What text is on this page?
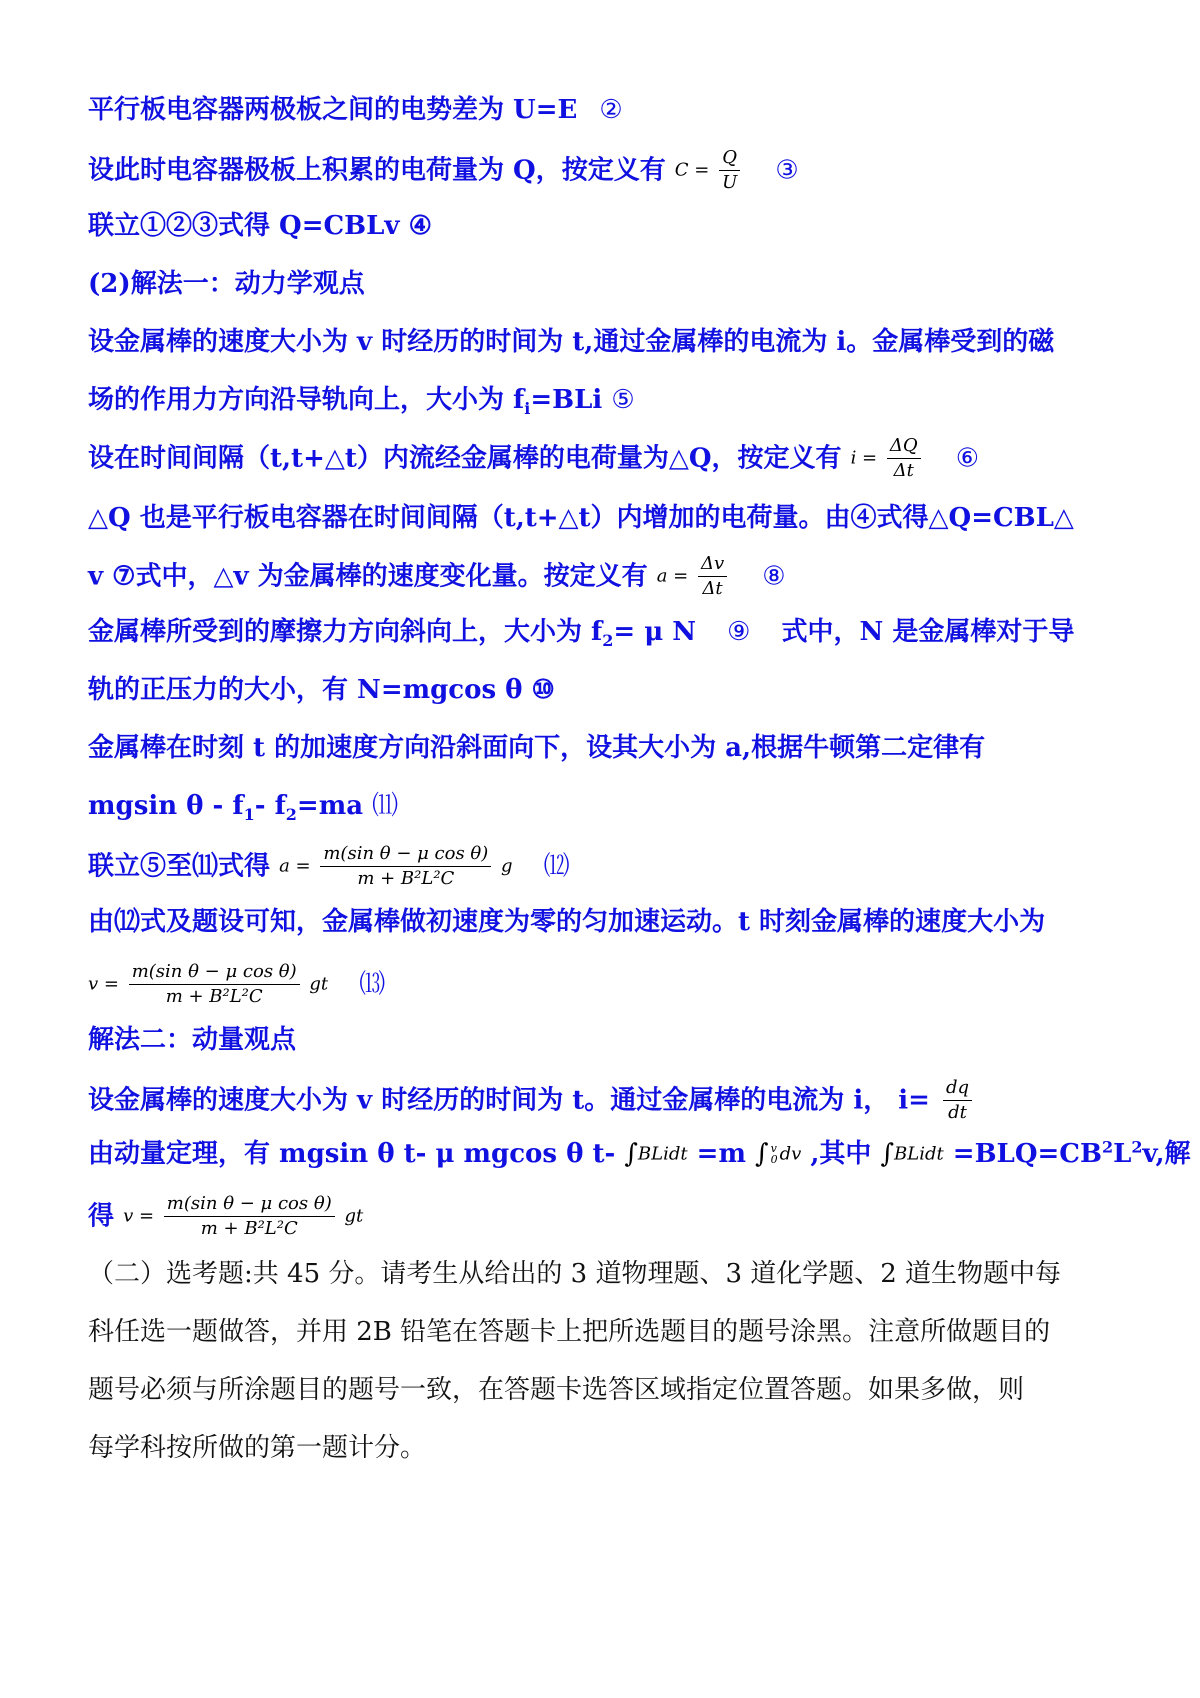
平行板电容器两极板之间的电势差为 U=E ②
设此时电容器极板上积累的电荷量为 Q，按定义有 $C = \frac{Q}{U}$ ③
联立①②③式得 Q=CBLv ④
(2)解法一：动力学观点
设金属棒的速度大小为 v 时经历的时间为 t,通过金属棒的电流为 i。金属棒受到的磁
场的作用力方向沿导轨向上，大小为 $f_i=BLi$ ⑤
设在时间间隔（t,t+△t）内流经金属棒的电荷量为△Q，按定义有 $i = \frac{\Delta Q}{\Delta t}$ ⑥
△Q 也是平行板电容器在时间间隔（t,t+△t）内增加的电荷量。由④式得△Q=CBL△
v ⑦式中，△v 为金属棒的速度变化量。按定义有 $a = \frac{\Delta v}{\Delta t}$ ⑧
金属棒所受到的摩擦力方向斜向上，大小为 $f_2= \mu$ N ⑨ 式中，N 是金属棒对于导
轨的正压力的大小，有 N=mgcos θ ⑩
金属棒在时刻 t 的加速度方向沿斜面向下，设其大小为 a,根据牛顿第二定律有
mgsin θ - $f_1-$ $f_2=ma$ ⑾
联立⑤至⑾式得 $a = \frac{\text{m(sin θ − μ cos θ)}}{\text{m + B²L²C}}$ g ⑿
由⑿式及题设可知，金属棒做初速度为零的匀加速运动。t 时刻金属棒的速度大小为
$v = \frac{\text{m(sin θ − μ cos θ)}}{\text{m + B²L²C}}$ gt ⒀
解法二：动量观点
设金属棒的速度大小为 v 时经历的时间为 t。通过金属棒的电流为 i， $i= \frac{dq}{dt}$
由动量定理，有 mgsin θ t- μ mgcos θ t- ∫BLidt =m ∫ v
0 dv ,其中 ∫BLidt $=BLQ=CB^2L^2v$,解
得 $v = \frac{\text{m(sin θ − μ cos θ)}}{\text{m + B²L²C}}$ gt
（二）选考题:共 45 分。请考生从给出的 3 道物理题、3 道化学题、2 道生物题中每
科任选一题做答，并用 2B 铅笔在答题卡上把所选题目的题号涂黑。注意所做题目的
题号必须与所涂题目的题号一致，在答题卡选答区域指定位置答题。如果多做，则
每学科按所做的第一题计分。
